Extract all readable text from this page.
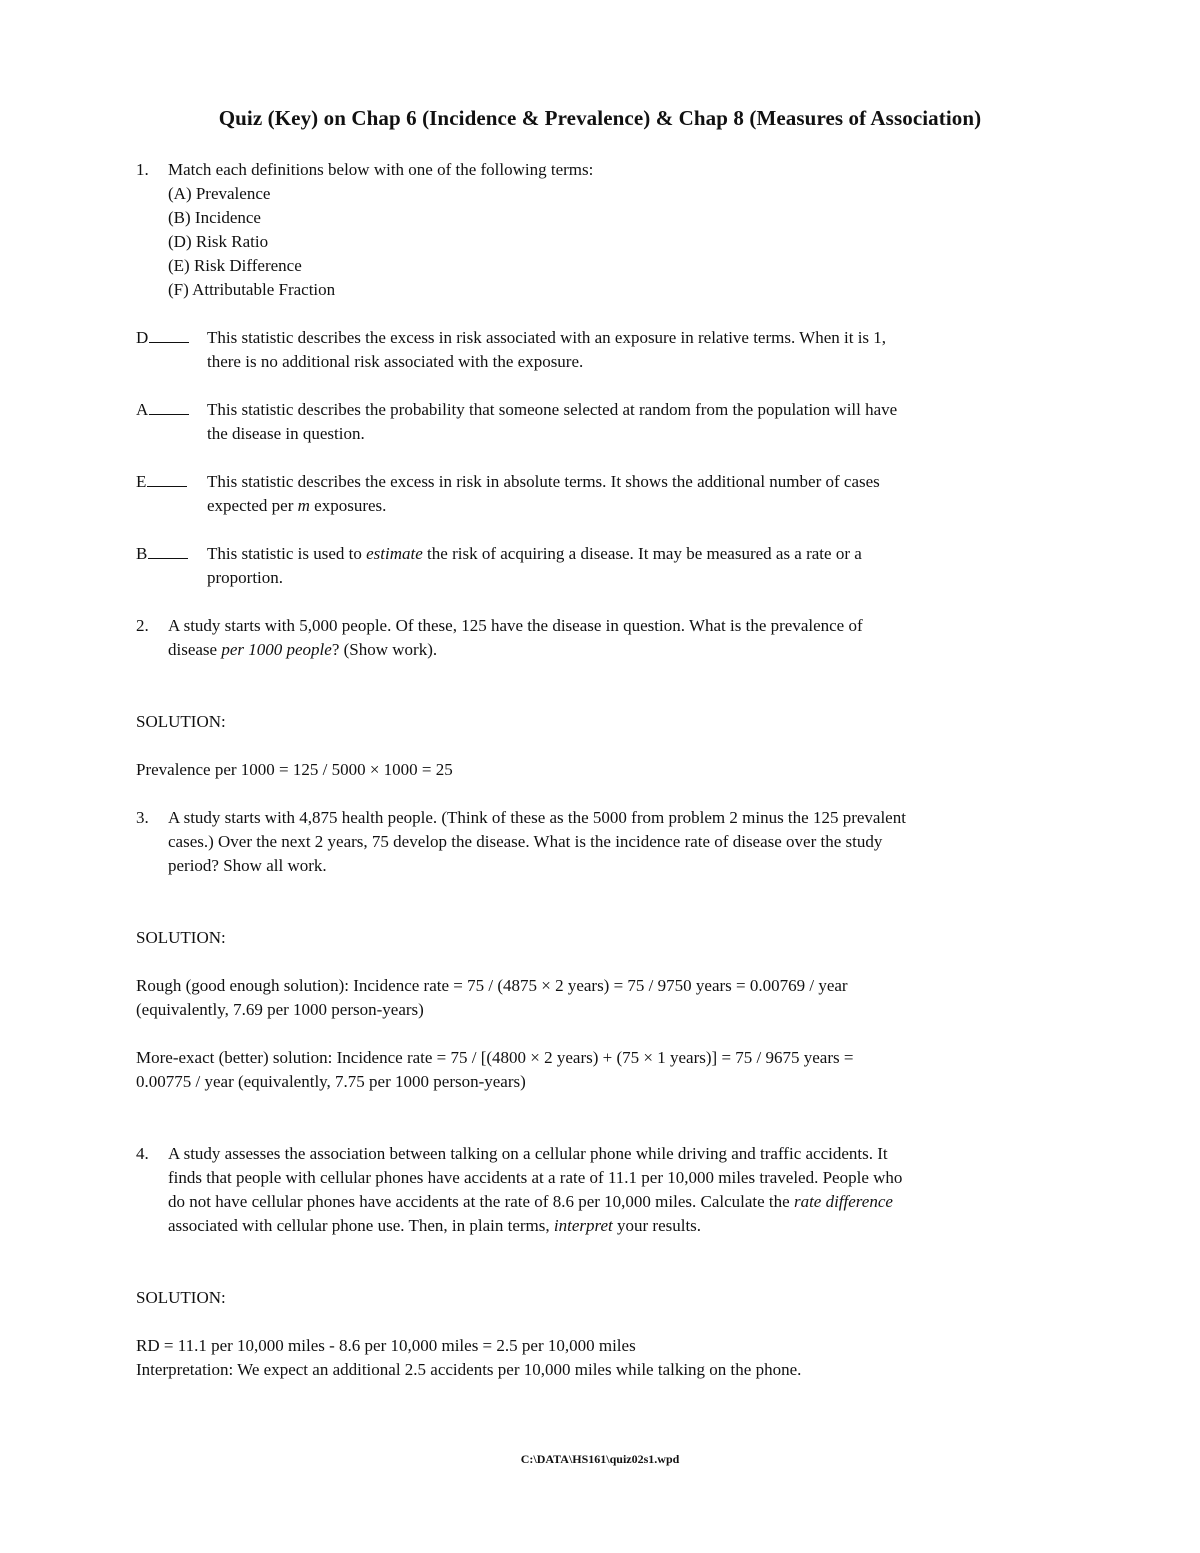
Quiz (Key) on Chap 6 (Incidence & Prevalence) & Chap 8 (Measures of Association)
1. Match each definitions below with one of the following terms:
(A) Prevalence
(B) Incidence
(D) Risk Ratio
(E) Risk Difference
(F) Attributable Fraction
D	This statistic describes the excess in risk associated with an exposure in relative terms. When it is 1,
there is no additional risk associated with the exposure.
A	This statistic describes the probability that someone selected at random from the population will have
the disease in question.
E	This statistic describes the excess in risk in absolute terms. It shows the additional number of cases
expected per m exposures.
B	This statistic is used to estimate the risk of acquiring a disease. It may be measured as a rate or a
proportion.
2. A study starts with 5,000 people. Of these, 125 have the disease in question. What is the prevalence of
disease per 1000 people? (Show work).
SOLUTION:
Prevalence per 1000 = 125 / 5000 × 1000 = 25
3. A study starts with 4,875 health people. (Think of these as the 5000 from problem 2 minus the 125 prevalent
cases.) Over the next 2 years, 75 develop the disease. What is the incidence rate of disease over the study
period? Show all work.
SOLUTION:
Rough (good enough solution): Incidence rate = 75 / (4875 × 2 years) = 75 / 9750 years = 0.00769 / year
(equivalently, 7.69 per 1000 person-years)
More-exact (better) solution: Incidence rate = 75 / [(4800 × 2 years) + (75 × 1 years)] = 75 / 9675 years =
0.00775 / year (equivalently, 7.75 per 1000 person-years)
4. A study assesses the association between talking on a cellular phone while driving and traffic accidents. It
finds that people with cellular phones have accidents at a rate of 11.1 per 10,000 miles traveled. People who
do not have cellular phones have accidents at the rate of 8.6 per 10,000 miles. Calculate the rate difference
associated with cellular phone use. Then, in plain terms, interpret your results.
SOLUTION:
RD = 11.1 per 10,000 miles - 8.6 per 10,000 miles = 2.5 per 10,000 miles
Interpretation: We expect an additional 2.5 accidents per 10,000 miles while talking on the phone.
C:\DATA\HS161\quiz02s1.wpd
